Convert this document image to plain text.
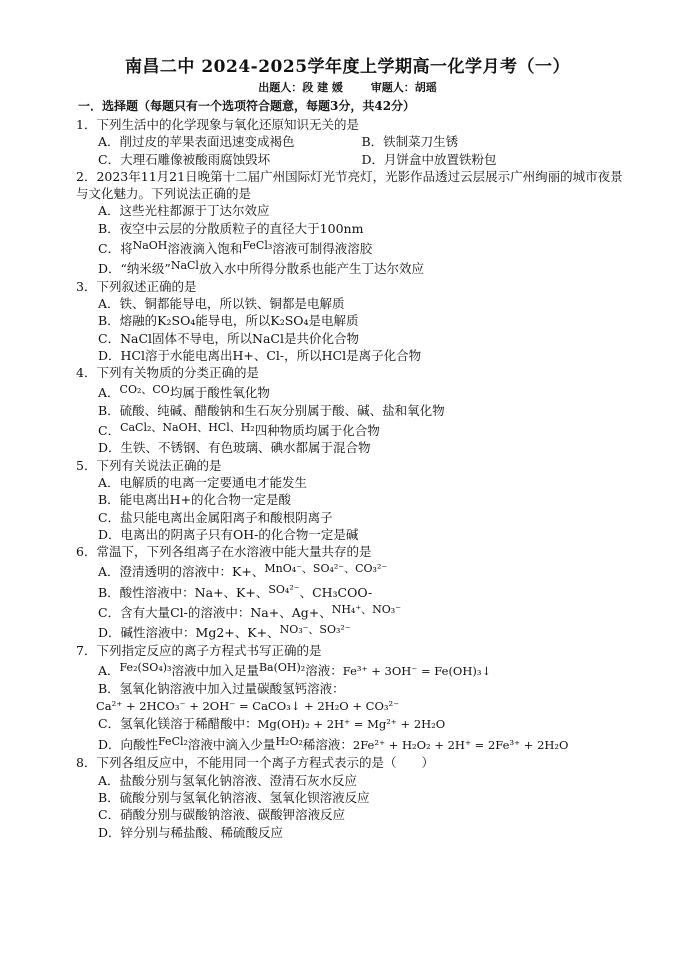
南昌二中 2024-2025学年度上学期高一化学月考（一）
出题人：段 建 媛	审题人：胡瑶
一．选择题（每题只有一个选项符合题意，每题3分，共42分）
1．下列生活中的化学现象与氧化还原知识无关的是
A．削过皮的苹果表面迅速变成褐色	B．铁制菜刀生锈
C．大理石雕像被酸雨腐蚀毁坏	D．月饼盒中放置铁粉包
2．2023年11月21日晚第十二届广州国际灯光节亮灯，光影作品透过云层展示广州绚丽的城市夜景与文化魅力。下列说法正确的是
A．这些光柱都源于丁达尔效应
B．夜空中云层的分散质粒子的直径大于100nm
C．将NaOH溶液滴入饱和FeCl₃溶液可制得液溶胶
D．“纳米级”NaCl放入水中所得分散系也能产生丁达尔效应
3．下列叙述正确的是
A．铁、铜都能导电，所以铁、铜都是电解质
B．熔融的K₂SO₄能导电，所以K₂SO₄是电解质
C．NaCl固体不导电，所以NaCl是共价化合物
D．HCl溶于水能电离出H+、Cl-，所以HCl是离子化合物
4．下列有关物质的分类正确的是
A．CO₂、CO均属于酸性氧化物
B．硫酸、纯碱、醋酸钠和生石灰分别属于酸、碱、盐和氧化物
C．CaCl₂、NaOH、HCl、H₂四种物质均属于化合物
D．生铁、不锈钢、有色玻璃、碘水都属于混合物
5．下列有关说法正确的是
A．电解质的电离一定要通电才能发生
B．能电离出H+的化合物一定是酸
C．盐只能电离出金属阳离子和酸根阴离子
D．电离出的阴离子只有OH-的化合物一定是碱
6．常温下，下列各组离子在水溶液中能大量共存的是
A．澄清透明的溶液中：K+、MnO₄⁻、SO₄²⁻、CO₃²⁻
B．酸性溶液中：Na+、K+、SO₄²⁻、CH₃COO-
C．含有大量Cl-的溶液中：Na+、Ag+、NH₄⁺、NO₃⁻
D．碱性溶液中：Mg2+、K+、NO₃⁻、SO₃²⁻
7．下列指定反应的离子方程式书写正确的是
A．Fe₂(SO₄)₃溶液中加入足量Ba(OH)₂溶液：Fe³⁺ + 3OH⁻ = Fe(OH)₃↓
B．氢氧化钠溶液中加入过量碳酸氢钙溶液：
Ca²⁺ + 2HCO₃⁻ + 2OH⁻ = CaCO₃↓ + 2H₂O + CO₃²⁻
C．氢氧化镁溶于稀醋酸中：Mg(OH)₂ + 2H⁺ = Mg²⁺ + 2H₂O
D．向酸性FeCl₂溶液中滴入少量H₂O₂稀溶液：2Fe²⁺ + H₂O₂ + 2H⁺ = 2Fe³⁺ + 2H₂O
8．下列各组反应中，不能用同一个离子方程式表示的是（　　）
A．盐酸分别与氢氧化钠溶液、澄清石灰水反应
B．硫酸分别与氢氧化钠溶液、氢氧化钡溶液反应
C．硝酸分别与碳酸钠溶液、碳酸钾溶液反应
D．锌分别与稀盐酸、稀硫酸反应
